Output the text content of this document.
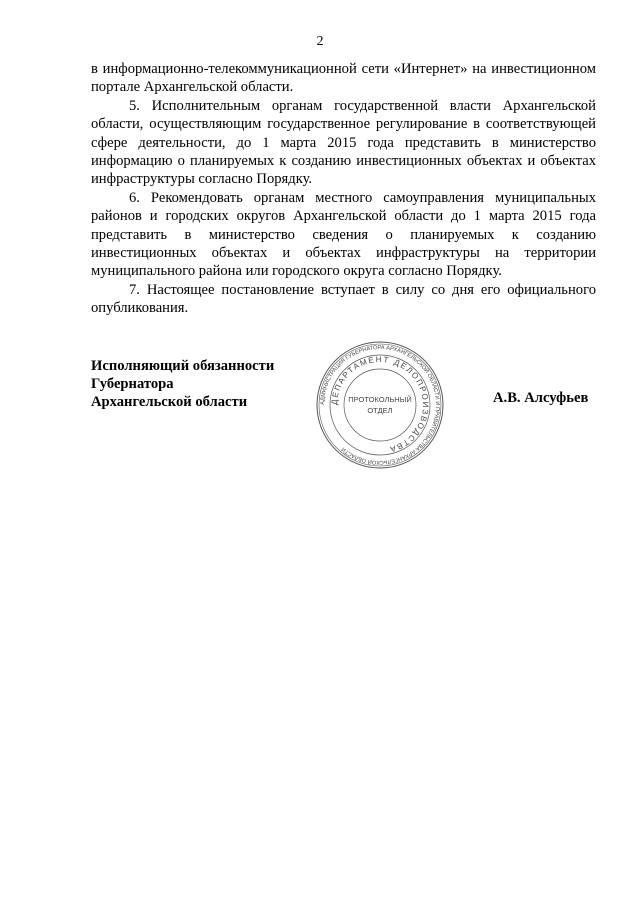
2

в информационно-телекоммуникационной сети «Интернет» на инвестиционном портале Архангельской области.

5. Исполнительным органам государственной власти Архангельской области, осуществляющим государственное регулирование в соответствующей сфере деятельности, до 1 марта 2015 года представить в министерство информацию о планируемых к созданию инвестиционных объектах и объектах инфраструктуры согласно Порядку.

6. Рекомендовать органам местного самоуправления муниципальных районов и городских округов Архангельской области до 1 марта 2015 года представить в министерство сведения о планируемых к созданию инвестиционных объектах и объектах инфраструктуры на территории муниципального района или городского округа согласно Порядку.

7. Настоящее постановление вступает в силу со дня его официального опубликования.

Исполняющий обязанности
Губернатора
Архангельской области	АДМИНИСТРАЦИЯ ГУБЕРНАТОРА АРХАНГЕЛЬСКОЙ ОБЛАСТИ И ПРАВИТЕЛЬСТВА АРХАНГЕЛЬСКОЙ ОБЛАСТИ
ДЕПАРТАМЕНТ ДЕЛОПРОИЗВОДСТВА
ПРОТОКОЛЬНЫЙ
ОТДЕЛ
А.В. Алсуфьев
